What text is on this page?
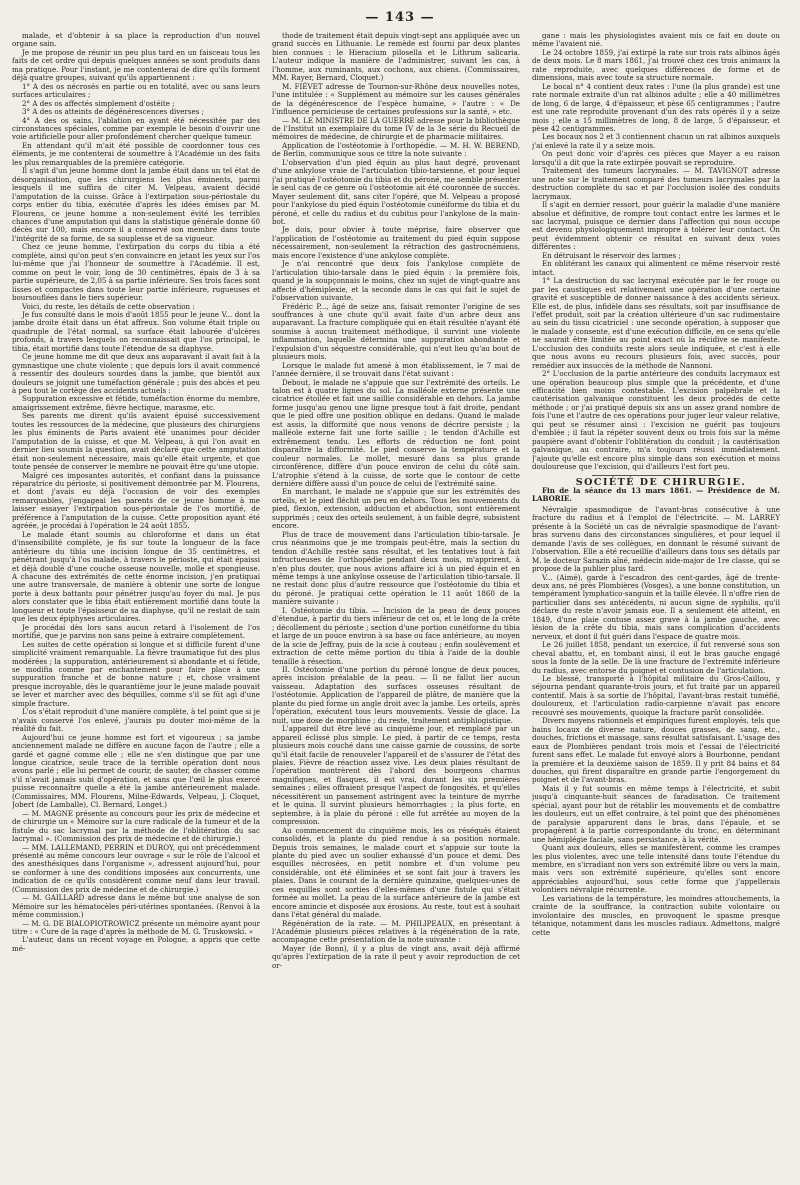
— 143 —

malade, et d'obtenir à sa place la reproduction d'un nouvel organe sain.

Je me propose de réunir un peu plus tard en un faisceau tous les faits de cet ordre qui depuis quelques années se sont produits dans ma pratique. Pour l'instant, je me contenterai de dire qu'ils forment déjà quatre groupes, suivant qu'ils appartiennent :

1° A des os nécrosés en partie ou en totalité, avec ou sans leurs surfaces articulaires ;

2° A des os affectés simplement d'ostéite ;

3° A des os atteints de dégénérescences diverses ;

4° A des os sains, l'ablation en ayant été nécessitée par des circonstances spéciales, comme par exemple le besoin d'ouvrir une voie artificielle pour aller profondément chercher quelque tumeur.

En attendant qu'il m'ait été possible de coordonner tous ces éléments, je me contenterai de soumettre à l'Académie un des faits les plus remarquables de la première catégorie.

Il s'agit d'un jeune homme dont la jambe était dans un tel état de désorganisation, que les chirurgiens les plus éminents, parmi lesquels il me suffira de citer M. Velpeau, avaient décidé l'amputation de la cuisse. Grâce à l'extirpation sous-périostale du corps entier du tibia, exécutée d'après les idées émises par M. Flourens, ce jeune homme a non-seulement évité les terribles chances d'une amputation qui dans la statistique générale donne 60 décès sur 100, mais encore il a conservé son membre dans toute l'intégrité de sa forme, de sa souplesse et de sa vigueur.

Chez ce jeune homme, l'extirpation du corps du tibia a été complète, ainsi qu'on peut s'en convaincre en jetant les yeux sur l'os lui-même que j'ai l'honneur de soumettre à l'Académie. Il est, comme on peut le voir, long de 30 centimètres, épais de 3 à sa partie supérieure, de 2,05 à sa partie inférieure. Ses trois faces sont lisses et compactes dans toute leur partie inférieure, rugueuses et boursouflées dans le tiers supérieur.

Voici, du reste, les détails de cette observation :

Je fus consulté dans le mois d'août 1855 pour le jeune V... dont la jambe droite était dans un état affreux. Son volume était triple ou quadruple de l'état normal, sa surface était labourée d'ulcères profonds, à travers lesquels on reconnaissait que l'os principal, le tibia, était mortifié dans toute l'étendue de sa diaphyse.

Ce jeune homme me dit que deux ans auparavant il avait fait à la gymnastique une chute violente ; que depuis lors il avait commencé à ressentir des douleurs sourdes dans la jambe, que bientôt aux douleurs se joignit une tuméfaction générale ; puis des abcès et peu à peu tout le cortège des accidents actuels :

Suppuration excessive et fétide, tuméfaction énorme du membre, amaigrissement extrême, fièvre hectique, marasme, etc.

Ses parents me dirent qu'ils avaient épuisé successivement toutes les ressources de la médecine, que plusieurs des chirurgiens les plus éminents de Paris avaient été unanimes pour décider l'amputation de la cuisse, et que M. Velpeau, à qui l'on avait en dernier lieu soumis la question, avait déclaré que cette amputation était non-seulement nécessaire, mais qu'elle était urgente, et que toute pensée de conserver le membre ne pouvait être qu'une utopie.

Malgré ces imposantes autorités, et confiant dans la puissance réparatrice du périoste, si positivement démontrée par M. Flourens, et dont j'avais eu déjà l'occasion de voir des exemples remarquables, j'engageai les parents de ce jeune homme à me laisser essayer l'extirpation sous-périostale de l'os mortifié, de préférence à l'amputation de la cuisse. Cette proposition ayant été agréée, je procédai à l'opération le 24 août 1855.

Le malade étant soumis au chloroforme et dans un état d'insensibilité complète, je fis sur toute la longueur de la face antérieure du tibia une incision longue de 35 centimètres, et pénétrant jusqu'à l'os malade, à travers le périoste, qui était épaissi et déjà doublé d'une couche osseuse nouvelle, molle et spongieuse. A chacune des extrémités de cette énorme incision, j'en pratiquai une autre transversale, de manière à obtenir une sorte de longue porte à deux battants pour pénétrer jusqu'au foyer du mal. Je pus alors constater que le tibia était entièrement mortifié dans toute la longueur et toute l'épaisseur de sa diaphyse, qu'il ne restait de sain que les deux épiphyses articulaires.

Je procédai dès lors sans aucun retard à l'isolement de l'os mortifié, que je parvins non sans peine à extraire complètement.

Les suites de cette opération si longue et si difficile furent d'une simplicité vraiment remarquable. La fièvre traumatique fut des plus modérées ; la suppuration, antérieurement si abondante et si fétide, se modifia comme par enchantement pour faire place à une suppuration franche et de bonne nature ; et, chose vraiment presque incroyable, dès le quarantième jour le jeune malade pouvait se lever et marcher avec des béquilles, comme s'il se fût agi d'une simple fracture.

L'os s'était reproduit d'une manière complète, à tel point que si je n'avais conservé l'os enlevé, j'aurais pu douter moi-même de la réalité du fait.

Aujourd'hui ce jeune homme est fort et vigoureux ; sa jambe anciennement malade ne diffère en aucune façon de l'autre ; elle a gardé et gagné comme elle ; elle ne s'en distingue que par une longue cicatrice, seule trace de la terrible opération dont nous avons parlé ; elle lui permet de courir, de sauter, de chasser comme s'il n'avait jamais subi d'opération, et sans que l'œil le plus exercé puisse reconnaître quelle a été la jambe antérieurement malade. (Commissaires, MM. Flourens, Milne-Edwards, Velpeau, J. Cloquet, Jobert (de Lamballe), Cl. Bernard, Longet.)

— M. MAGNE présente au concours pour les prix de médecine et de chirurgie un « Mémoire sur la cure radicale de la tumeur et de la fistule du sac lacrymal par la méthode de l'oblitération du sac lacrymal ». (Commission des prix de médecine et de chirurgie.)

— MM. LALLEMAND, PERRIN et DUROY, qui ont précédemment présenté au même concours leur ouvrage « sur le rôle de l'alcool et des anesthésiques dans l'organisme », adressent aujourd'hui, pour se conformer à une des conditions imposées aux concurrents, une indication de ce qu'ils considèrent comme neuf dans leur travail. (Commission des prix de médecine et de chirurgie.)

— M. GAILLARD adresse dans le même but une analyse de son Mémoire sur les hématocèles péri-utérines spontanées. (Renvoi à la même commission.)

— M. G. DE BIALOPIOTROWICZ présente un mémoire ayant pour titre : « Cure de la rage d'après la méthode de M. G. Truskowski. »

L'auteur, dans un récent voyage en Pologne, a appris que cette mé-

thode de traitement était depuis vingt-sept ans appliquée avec un grand succès en Lithuanie. Le remède est fourni par deux plantes bien connues : le Hieracium pilosella et le Lithrum salicaria. L'auteur indique la manière de l'administrer, suivant les cas, à l'homme, aux ruminants, aux cochons, aux chiens. (Commissaires, MM. Rayer, Bernard, Cloquet.)

M. FIÉVET adresse de Tournon-sur-Rhône deux nouvelles notes, l'une intitulée : « Supplément au mémoire sur les causes générales de la dégénérescence de l'espèce humaine, » l'autre : « De l'influence pernicieuse de certaines professions sur la santé, » etc.

— M. LE MINISTRE DE LA GUERRE adresse pour la bibliothèque de l'Institut un exemplaire du tome IV de la 3e série du Recueil de mémoires de médecine, de chirurgie et de pharmacie militaires.

Application de l'ostéotomie à l'orthopédie. — M. H. W. BEREND, de Berlin, communique sous ce titre la note suivante :

L'observation d'un pied équin au plus haut degré, provenant d'une ankylose vraie de l'articulation tibio-tarsienne, et pour lequel j'ai pratiqué l'ostéotomie du tibia et du péroné, me semble présenter le seul cas de ce genre où l'ostéotomie ait été couronnée de succès. Mayer seulement dit, sans citer l'opéré, que M. Velpeau a proposé pour l'ankylose du pied équin l'ostéotomie cunéiforme du tibia et du péroné, et celle du radius et du cubitus pour l'ankylose de la main-bot.

Je dois, pour obvier à toute méprise, faire observer que l'application de l'ostéotomie au traitement du pied équin suppose nécessairement, non-seulement la rétraction des gastrocnémiens, mais encore l'existence d'une ankylose complète.

Je n'ai rencontré que deux fois l'ankylose complète de l'articulation tibio-tarsale dans le pied équin : la première fois, quand je la soupçonnais le moins, chez un sujet de vingt-quatre ans affecté d'hémiplexie, et la seconde dans le cas qui fait le sujet de l'observation suivante.

Frédéric P..., âgé de seize ans, faisait remonter l'origine de ses souffrances à une chute qu'il avait faite d'un arbre deux ans auparavant. La fracture compliquée qui en était résultée n'ayant été soumise à aucun traitement méthodique, il survint une violente inflammation, laquelle détermina une suppuration abondante et l'expulsion d'un séquestre considérable, qui n'eut lieu qu'au bout de plusieurs mois.

Lorsque le malade fut amené à mon établissement, le 7 mai de l'année dernière, il se trouvait dans l'état suivant :

Debout, le malade ne s'appuie que sur l'extrémité des orteils. Le talon est à quatre lignes du sol. La malléole externe présente une cicatrice étoilée et fait une saillie considérable en dehors. La jambe forme jusqu'au genou une ligne presque tout à fait droite, pendant que le pied offre une position oblique en dedans. Quand le malade est assis, la difformité que nous venons de décrire persiste ; la malléole externe fait une forte saillie ; le tendon d'Achille est extrêmement tendu. Les efforts de réduction ne font point disparaître la difformité. Le pied conserve la température et la couleur normales. Le mollet, mesuré dans sa plus grande circonférence, diffère d'un pouce environ de celui du côté sain. L'atrophie s'étend à la cuisse, de sorte que le contour de cette dernière diffère aussi d'un pouce de celui de l'extrémité saine.

En marchant, le malade ne s'appuie que sur les extrémités des orteils, et le pied fléchit un peu en dehors. Tous les mouvements du pied, flexion, extension, adduction et abduction, sont entièrement supprimés ; ceux des orteils seulement, à un faible degré, subsistent encore.

Plus de trace de mouvement dans l'articulation tibio-tarsale. Je crus néanmoins que je me trompais peut-être, mais la section du tendon d'Achille restée sans résultat, et les tentatives tout à fait infructueuses de l'orthopédie pendant deux mois, m'apprirent, à n'en plus douter, que nous avions affaire ici à un pied équin et en même temps à une ankylose osseuse de l'articulation tibio-tarsale. Il ne restait donc plus d'autre ressource que l'ostéotomie du tibia et du péroné. Je pratiquai cette opération le 11 août 1860 de la manière suivante :

I. Ostéotomie du tibia. — Incision de la peau de deux pouces d'étendue, à partir du tiers inférieur de cet os, et le long de la crête ; décollement du périoste ; section d'une portion cunéiforme du tibia et large de un pouce environ à sa base ou face antérieure, au moyen de la scie de Jeffray, puis de la scie à couteau ; enfin soulèvement et extraction de cette même portion du tibia à l'aide de la double tenaille à résection.

II. Ostéotomie d'une portion du péroné longue de deux pouces, après incision préalable de la peau. — Il ne fallut lier aucun vaisseau. Adaptation des surfaces osseuses résultant de l'ostéotomie. Application de l'appareil de plâtre, de manière que la plante du pied forme un angle droit avec la jambe. Les orteils, après l'opération, exécutent tous leurs mouvements. Vessie de glace. La nuit, une dose de morphine ; du reste, traitement antiphlogistique.

L'appareil dut être levé au cinquième jour, et remplacé par un appareil éclissé plus simple. Le pied, à partir de ce temps, resta plusieurs mois couché dans une caisse garnie de coussins, de sorte qu'il était facile de renouveler l'appareil et de s'assurer de l'état des plaies. Fièvre de réaction assez vive. Les deux plaies résultant de l'opération montrèrent dès l'abord des bourgeons charnus magnifiques, et flasques, il est vrai, durant les six premières semaines ; elles offraient presque l'aspect de fongosités, et qu'elles nécessitèrent un pansement astringent avec la teinture de myrrhe et le quina. Il survint plusieurs hémorrhagies ; la plus forte, en septembre, à la plaie du péroné : elle fut arrêtée au moyen de la compression.

Au commencement du cinquième mois, les os réséqués étaient consolidés, et la plante du pied rendue à sa position normale. Depuis trois semaines, le malade court et s'appuie sur toute la plante du pied avec un soulier exhaussé d'un pouce et demi. Des esquilles nécrosées, en petit nombre et d'un volume peu considérable, ont été éliminées et se sont fait jour à travers les plaies. Dans le courant de la dernière quinzaine, quelques-unes de ces esquilles sont sorties d'elles-mêmes d'une fistule qui s'était formée au mollet. La peau de la surface antérieure de la jambe est encore amincie et disposée aux érosions. Au reste, tout est à souhait dans l'état général du malade.

Régénération de la rate. — M. PHILIPEAUX, en présentant à l'Académie plusieurs pièces relatives à la régénération de la rate, accompagne cette présentation de la note suivante :

Mayer (de Bonn), il y a plus de vingt ans, avait déjà affirmé qu'après l'extirpation de la rate il peut y avoir reproduction de cet or-

gane : mais les physiologistes avaient mis ce fait en doute ou même l'avaient nié.

Le 24 octobre 1859, j'ai extirpé la rate sur trois rats albinos âgés de deux mois. Le 8 mars 1861, j'ai trouvé chez ces trois animaux la rate reproduite, avec quelques différences de forme et de dimensions, mais avec toute sa structure normale.

Le bocal n° 4 contient deux rates : l'une (la plus grande) est une rate normale extraite d'un rat albinos adulte ; elle a 40 millimètres de long, 6 de large, 4 d'épaisseur, et pèse 65 centigrammes ; l'autre est une rate reproduite provenant d'un des rats opérés il y a seize mois ; elle a 15 millimètres de long, 8 de large, 5 d'épaisseur, et pèse 42 centigrammes.

Les bocaux nos 2 et 3 contiennent chacun un rat albinos auxquels j'ai enlevé la rate il y a seize mois.

On peut donc voir d'après ces pièces que Mayer a eu raison lorsqu'il a dit que la rate extirpée pouvait se reproduire.

Traitement des tumeurs lacrymales. — M. TAVIGNOT adresse une note sur le traitement comparé des tumeurs lacrymales par la destruction complète du sac et par l'occlusion isolée des conduits lacrymaux.

Il s'agit en dernier ressort, pour guérir la maladie d'une manière absolue et définitive, de rompre tout contact entre les larmes et le sac lacrymal, puisque ce dernier dans l'affection qui nous occupe est devenu physiologiquement impropre à tolérer leur contact. On peut évidemment obtenir ce résultat en suivant deux voies différentes :

En détruisant le réservoir des larmes ;

En oblitérant les canaux qui alimentent ce même réservoir resté intact.

1° La destruction du sac lacrymal exécutée par le fer rouge ou par les caustiques est relativement une opération d'une certaine gravité et susceptible de donner naissance à des accidents sérieux. Elle est, de plus, infidèle dans ses résultats, soit par insuffisance de l'effet produit, soit par la création ultérieure d'un sac rudimentaire au sein du tissu cicatriciel : une seconde opération, à supposer que le malade y consente, est d'une exécution difficile, en ce sens qu'elle ne saurait être limitée au point exact où la récidive se manifeste. L'occlusion des conduits reste alors seule indiquée, et c'est à elle que nous avons eu recours plusieurs fois, avec succès, pour remédier aux insuccès de la méthode de Nannoni.

2° L'occlusion de la partie antérieure des conduits lacrymaux est une opération beaucoup plus simple que la précédente, et d'une efficacité bien moins contestable. L'excision palpébrale et la cautérisation galvanique constituent les deux procédés de cette méthode ; or j'ai pratiqué depuis six ans un assez grand nombre de fois l'une et l'autre de ces opérations pour juger leur valeur relative, qui peut se résumer ainsi : l'excision ne guérit pas toujours d'emblée ; il faut la répéter souvent deux ou trois fois sur la même paupière avant d'obtenir l'oblitération du conduit ; la cautérisation galvanique, au contraire, m'a toujours réussi immédiatement. J'ajoute qu'elle est encore plus simple dans son exécution et moins douloureuse que l'excision, qui d'ailleurs l'est fort peu.

SOCIÉTÉ DE CHIRURGIE.

Fin de la séance du 13 mars 1861. — Présidence de M. LABORIE.

Névralgie spasmodique de l'avant-bras consécutive à une fracture du radius et à l'emploi de l'électricité. — M. LARREY présente à la Société un cas de névralgie spasmodique de l'avant-bras survenu dans des circonstances singulières, et pour lequel il demande l'avis de ses collègues, en donnant le résumé suivant de l'observation. Elle a été recueillie d'ailleurs dans tous ses détails par M. le docteur Sarazin aîné, médecin aide-major de 1re classe, qui se propose de la publier plus tard.

V... (Aimé), garde à l'escadron des cent-gardes, âgé de trente-deux ans, né près Plombières (Vosges), a une bonne constitution, un tempérament lymphatico-sanguin et la taille élevée. Il n'offre rien de particulier dans ses antécédents, ni aucun signe de syphilis, qu'il déclare du reste n'avoir jamais eue. Il a seulement été atteint, en 1849, d'une plaie contuse assez grave à la jambe gauche, avec lésion de la crête du tibia, mais sans complication d'accidents nerveux, et dont il fut guéri dans l'espace de quatre mois.

Le 26 juillet 1858, pendant un exercice, il fut renversé sous son cheval abattu, et, en tombant ainsi, il eut le bras gauche engagé sous la fonte de la selle. De là une fracture de l'extrémité inférieure du radius, avec entorse du poignet et contusion de l'articulation.

Le blessé, transporté à l'hôpital militaire du Gros-Caillou, y séjourna pendant quarante-trois jours, et fut traité par un appareil contentif. Mais à sa sortie de l'hôpital, l'avant-bras restait tuméfié, douloureux, et l'articulation radio-carpienne n'avait pas encore recouvré ses mouvements, quoique la fracture parût consolidée.

Divers moyens rationnels et empiriques furent employés, tels que bains locaux de diverse nature, douces grasses, de sang, etc., douches, frictions et massage, sans résultat satisfaisant. L'usage des eaux de Plombières pendant trois mois et l'essai de l'électricité furent sans effet. Le malade fut envoyé alors à Bourbonne, pendant la première et la deuxième saison de 1859. Il y prit 84 bains et 84 douches, qui firent disparaître en grande partie l'engorgement du poignet et de l'avant-bras.

Mais il y fut soumis en même temps à l'électricité, et subit jusqu'à cinquante-huit séances de faradisation. Ce traitement spécial, ayant pour but de rétablir les mouvements et de combattre les douleurs, eut un effet contraire, à tel point que des phénomènes de paralysie apparurent dans le bras, dans l'épaule, et se propagèrent à la partie correspondante du tronc, en déterminant une hémiplégie faciale, sans persistance, à la vérité.

Quant aux douleurs, elles se manifestèrent, comme les crampes les plus violentes, avec une telle intensité dans toute l'étendue du membre, en s'irradiant non vers son extrémité libre ou vers la main, mais vers son extrémité supérieure, qu'elles sont encore appréciables aujourd'hui, sous cette forme que j'appellerais volontiers névralgie récurrente.

Les variations de la température, les moindres attouchements, la crainte de la souffrance, la contraction subite volontaire ou involontaire des muscles, en provoquent le spasme presque tétanique, notamment dans les muscles radiaux. Admettons, malgré cette
